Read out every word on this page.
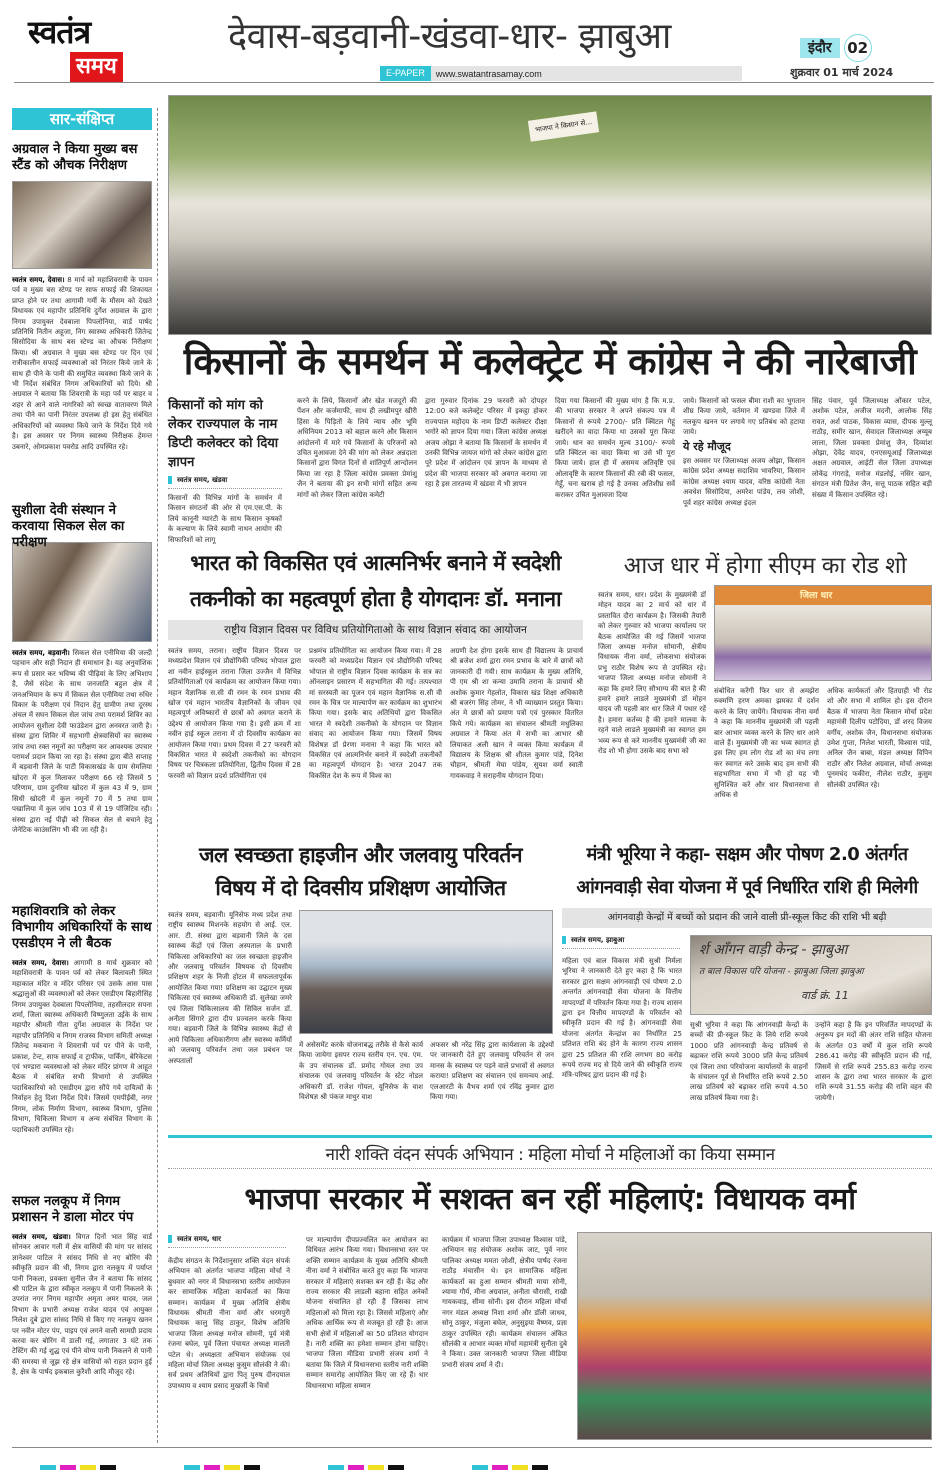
स्वतंत्र
समय
देवास-बड़वानी-खंडवा-धार- झाबुआ
E-PAPER	www.swatantrasamay.com
इंदौर	02
शुक्रवार 01 मार्च 2024
सार-संक्षिप्त
अग्रवाल ने किया मुख्य बस स्टैंड को औचक निरीक्षण
स्वतंत्र समय, देवास। 8 मार्च को महाशिवरात्री के पावन पर्व व मुख्य बस स्टेण्ड पर साफ सफाई की शिकायत प्राप्त होने पर तथा आगामी गर्मी के मौसम को देखते विधायक एवं महापौर प्रतिनिधि दुर्गेश अग्रवाल के द्वारा निगम उपायुक्त देवबाला पिपलोनिया, वार्ड पार्षद प्रतिनिधि नितीन अहूजा, निग स्वास्थ्य अधिकारी जितेन्द्र सिसोदिया के साथ बस स्टेण्ड का औचक निरीक्षण किया। श्री अग्रवाल ने मुख्य बस स्टेण्ड पर दिन एवं रात्रीकालीन सफाई व्यवस्थाओ को निरंतर किये जाने के साथ ही पीने के पानी की समुचित व्यवस्था किये जाने के भी निर्देश संबंधित निगम अधिकारियों को दिये। श्री अग्रवाल ने बताया कि शिवरात्री के महा पर्व पर बाहर व शहर से आने वाले नागरिको को स्वच्छ वातावरण मिले तथा पीने का पानी निरंतर उपलब्ध हो इस हेतु संबंधित अधिकारियों को व्यवस्था किये जाने के निर्देश दिये गये है। इस अवसर पर निगम स्वास्थ्य निरीक्षक हेमन्त उबनारे, ओमप्रकाश पवरोड आदि उपस्थित रहे।
सुशीला देवी संस्थान ने करवाया सिकल सेल का परीक्षण
स्वतंत्र समय, बड़वानी। सिकल सेल एनीमिया की जल्दी पहचान और सही निदान ही समाधान है। यह अनुवांशिक रूप से प्रसार कर भविष्य की पीढ़ियां के लिए अभिशाप है, जैसे संदेश के साथ जनजाति बहुल क्षेत्र में जनअभियान के रूप में सिकल सेल एनीमिया तथा रुधिर विकार के परीक्षण एवं निदान हेतु ग्रामीण तथा दूरस्थ अंचल में सघन सिकल सेल जांच तथा परामर्श शिविर का आयोजन सुशीला देवी फाउंडेशन द्वारा अनवरत जारी है। संस्था द्वारा शिविर में सहभागी क्षेत्रवासियों का स्वास्थ्य जांच तथा रक्त नमूनों का परीक्षण कर आवश्यक उपचार परामर्श प्रदान किया जा रहा है। संस्था द्वारा बीते सप्ताह में बड़वानी जिले के पाटी विकासखंड के ग्राम सेमलिया खोदरा में कुल मिलाकर परीक्षण 66 रहे जिसमें 5 परिणाम, ग्राम दुनरिया खोदरा में कुल 43 में 9, ग्राम सिधी खोदरी में कुल नमूनों 70 में 5 तथा ग्राम पखालिया में कुल जांच 103 में से 19 पॉजिटिव रही। संस्था द्वारा नई पीढ़ी को सिकल सेल से बचाने हेतु जेनेटिक काउंसलिंग भी की जा रही है।
महाशिवरात्रि को लेकर विभागीय अधिकारियों के साथ एसडीएम ने ली बैठक
स्वतंत्र समय, देवास। आगामी 8 मार्च शुक्रवार को महाशिवरात्री के पावन पर्व को लेकर बिलावली स्थित महाकाल मंदिर व मंदिर परिसर एवं उसके आस पास श्रद्धालुओं की व्यवस्थाओं को लेकर एसडीएम बिहारीसिंह निगम उपायुक्त देवबाला पिपलोनिया, तहसीलदार सपना शर्मा, जिला स्वास्थ्य अधिकारी विष्णुलता उईके के साथ महापौर श्रीमती गीता दुर्गेश अग्रवाल के निर्देश पर महापौर प्रतिनिधि व निगम राजस्व विभाग समिती अध्यक्ष जितेन्द्र मकवाना ने शिवरात्री पर्व पर पीने के पानी, प्रकाश, टेन्ट, साफ सफाई व ट्राफीक, पार्किंग, बेरिकेटस एवं भण्डारा व्यवस्थाओ को लेकर मंदिर प्रांगण मे आहूत बैठक मे संबंधित सभी विभागो से उपस्थित पदाधिकारियो को एसडीएम द्वारा सौंपे गये दायित्वों के निर्वाहन हेतु दिशा निर्देश दिये। जिसमे एमपीईबी, नगर निगम, लोक निर्माण विभाग, स्वास्थ्य विभाग, पुलिस विभाग, चिकित्सा विभाग व अन्य संबंधित विभाग के पदाधिकारी उपस्थित रहे।
सफल नलकूप में निगम प्रशासन ने डाला मोटर पंप
स्वतंत्र समय, खंडवा। विगत दिनों भात सिंह वार्ड सोनकर आवार गली में क्षेत्र वासियों की मांग पर सांसद ज्ञानेश्वर पाटिल ने सांसद निधि से नए बोरिंग की स्वीकृति प्रदान की थी, निगम द्वारा नलकूप में पर्याप्त पानी निकला, प्रवक्ता सुनील जैन ने बताया कि सांसद श्री पाटिल के द्वारा स्वीकृत नलकूप में पानी निकलने के उपरांत नगर निगम महापौर अमृता अमर यादव, जल विभाग के प्रभारी अध्यक्ष राजेश यादव एवं आयुक्त निलेश दुबे द्वारा सांसद निधि से किए गए नलकूप खनन पर नवीन मोटर पंप, पाइप एवं लगने वाली सामग्री प्रदाय करवा कर बोरिंग में डाली गई, लगातार 3 घंटे तक टेस्टिंग की गई शुद्ध एवं पीने योग्य पानी निकलने से पानी की समस्या से जूझ रहे क्षेत्र वासियों को राहत प्रदान हुई है, क्षेत्र के पार्षद इकबाल कुरैशी आदि मौजूद रहे।
भाजपा ने किसान से...
किसानों के समर्थन में कलेक्ट्रेट में कांग्रेस ने की नारेबाजी
किसानों को मांग को लेकर राज्यपाल के नाम डिप्टी कलेक्टर को दिया ज्ञापन
स्वतंत्र समय, खंडवा
किसानों की विभिन्न मांगों के समर्थन में किसान संगठनों की ओर से एम.एस.पी. के लिये कानूनी ग्यारंटी के साथ किसान कृषकों के कल्याण के लिये स्वामी नाथन आयोग की सिफारिशों को लागू
करने के लिये, किसानों और खेत मजदूरों की पेंशन और कर्जमाफी, साथ ही लखीमपुर खीरी हिंसा के पिड़ितों के लिये न्याय और भूमि अधिनियम 2013 को बहाल करने और किसान आंदोलनों में मारे गये किसानों के परिजनों को उचित मुआवजा देने की मांग को लेकर अन्नदाता किसानों द्वारा विगत दिनों से शांतिपूर्ण आन्दोलन किया जा रहा है जिला कांग्रेस प्रवक्ता प्रेमांशु जैन ने बताया की इन सभी मांगों सहित अन्य मांगों को लेकर जिला कांग्रेस कमेटी
द्वारा गुरुवार दिनांक 29 फरवरी को दोपहर 12:00 बजे कलेक्ट्रेट परिसर में इकट्ठा होकर राज्यपाल महोदय के नाम डिप्टी कलेक्टर दीक्षा भगोरे को ज्ञापन दिया गया। जिला कांग्रेस अध्यक्ष अजय ओझा ने बताया कि किसानों के समर्थन में उनकी विभिन्न जायज मांगो को लेकर कांग्रेस द्वारा पूरे प्रदेश में आंदोलन एवं ज्ञापन के माध्यम से प्रदेश की भाजपा सरकार को अवगत कराया जा रहा है इस तारतम्य में खंडवा में भी ज्ञापन
दिया गया किसानों की मुख्य मांग है कि म.प्र. की भाजपा सरकार ने अपने संकल्प पत्र में किसानों से रूपये 2700/- प्रति क्विंटल गेहूं खरीदने का वादा किया था उसको पूरा किया जाये। धान का समर्थन मूल्य 3100/- रूपये प्रति क्विंटल का वादा किया था उसे भी पूरा किया जाये। हाल ही में असमय अतिवृष्टि एवं ओलावृष्टि के कारण किसानों की रबी की फसल, गेहूँ, चना खराब हो गई है उनका अतिशीघ्र सर्वे कराकर उचित मुआवजा दिया
जाये। किसानों को फसल बीमा राशी का भुगतान शीघ्र किया जाये, वर्तमान में खण्डवा जिले में नलकूप खनन पर लगाये गए प्रतिबंध को हटाया जाये।
ये रहे मौजूद
इस अवसर पर जिलाध्यक्ष अजय ओझा, किसान कांग्रेस प्रदेश अध्यक्ष सदाशिव भावरिया, किसान कांग्रेस अध्यक्ष श्याम यादव, वरिष्ठ कांग्रेसी नेता अवधेश सिसोदिया, अमरेश पांडेय, लव जोशी, पूर्व शहर कांग्रेस अध्यक्ष इंदल
सिंह पंवार, पूर्व जिलाध्यक्ष ओंकार पटेल, अशोक पटेल, अजीज मदनी, आलोक सिंह रावत, अर्श पाठक, विकास व्यास, दीपक मुल्लू राठौड़, समीर खान, सेवादल जिलाध्यक्ष अय्यूब लाला, जिला प्रवक्ता प्रेमांशु जैन, दिव्यांश ओझा, देवेंद्र यादव, एनएसयूआई जिलाध्यक्ष अक्षत अग्रवाल, आईटी सेल जिला उपाध्यक्ष लोकेंद्र गंगराड़े, मनोज मंडलोई, नसिर खान, संगठन मंत्री प्रितेश जैन, सत्तू पाठक सहित बड़ी संख्या में किसान उपस्थित रहे।
भारत को विकसित एवं आत्मनिर्भर बनाने में स्वदेशी
तकनीको का महत्वपूर्ण होता है योगदानः डॉ. मनाना
राष्ट्रीय विज्ञान दिवस पर विविध प्रतियोगिताओ के साथ विज्ञान संवाद का आयोजन
स्वतंत्र समय, तराना। राष्ट्रीय विज्ञान दिवस पर मध्यप्रदेश विज्ञान एवं प्रौद्योगिकी परिषद भोपाल द्वारा शा नवीन हाईस्कूल तराना जिला उज्जैन में विभिन्न प्रतियोगिताओं एवं कार्यक्रम का आयोजन किया गया। महान वैज्ञानिक स.सी वी रमन के रमन प्रभाव की खोज एवं महान भारतीय वैज्ञानिकों के जीवन एवं महत्वपूर्ण अविष्कारों से छात्रों को अवगत कराने के उद्देश्य से आयोजन किया गया है। इसी क्रम में शा नवीन हाई स्कूल तराना में दो दिवसीय कार्यक्रम का आयोजन किया गया। प्रथम दिवस में 27 फरवरी को विकसित भारत मे स्वदेशी तकनीको का योगदान विषय पर चित्रकला प्रतियोगिता, द्वितीय दिवस में 28 फरवरी को विज्ञान प्रदर्श प्रतियोगिता एवं
प्रश्नमंच प्रतियोगिता का आयोजन किया गया। में 28 फरवरी को मध्यप्रदेश विज्ञान एवं प्रौद्योगिकी परिषद भोपाल से राष्ट्रीय विज्ञान दिवस कार्यक्रम के सत्र का ऑनलाइन प्रसारण में सहभागिता की गई। तत्पश्चात मां सरस्वती का पूजन एवं महान वैज्ञानिक स.सी वी रमन के चित्र पर माल्यार्पण कर कार्यक्रम का शुभारंभ किया गया। इसके बाद अतिथियों द्वारा विकसित भारत मे स्वदेशी तकनीको के योगदान पर विज्ञान संवाद का आयोजन किया गया। जिसमें विषय विशेषज्ञ डॉ प्रेरणा मनाना ने कहा कि भारत को विकसित एवं आत्मनिर्भर बनाने में स्वदेशी तकनीकों का महत्वपूर्ण योगदान है। भारत 2047 तक विकसित देश के रूप में विश्व का
अग्रणी देश होगा इसके साथ ही विद्यालय के प्राचार्य श्री ब्रजेश शर्मा द्वारा रमन प्रभाव के बारे में छात्रों को जानकारी दी गयी। साथ कार्यक्रम के मुख्य अतिथि, पी एम श्री शा कन्या उमावि तराना के प्राचार्य श्री अशोक कुमार गेहलोत, विकास खंड शिक्षा अधिकारी श्री बजरंग सिंह तोमर, ने भी व्याख्यान प्रस्तुत किया। अंत मे छात्रों को प्रमाण पत्रों एवं पुरस्कार वितरित किये गये। कार्यक्रम का संचालन श्रीमती मधुलिका अग्रवाल ने किया अंत मे सभी का आभार श्री लियाकत अली खान ने व्यक्त किया कार्यक्रम में विद्यालय के शिक्षक श्री शीतल कुमार पांडे, दिनेश चौहान, श्रीमती मेघा पांडेय, सुयश वर्मा स्वाती गायकवाड़ ने सराहनीय योगदान दिया।
आज धार में होगा सीएम का रोड शो
स्वतंत्र समय, धार। प्रदेश के मुख्यमंत्री डॉ मोहन यादव का 2 मार्च को धार में प्रस्तावित दौरा कार्यक्रम है। जिसकी तैयारी को लेकर गुरुवार को भाजपा कार्यालय पर बैठक आयोजित की गई जिसमें भाजपा जिला अध्यक्ष मनोज सोमानी, क्षेत्रीय विधायक नीना वर्मा, लोकसभा संयोजक प्रभु राठौर विशेष रूप से उपस्थित रहे। भाजपा जिला अध्यक्ष मनोज सोमानी ने कहा कि हमारे लिए सौभाग्य की बात है की हमारे हमारे लाडले मुख्यमंत्री डॉ मोहन यादव जी पहली बार धार जिले में पधार रहें है। हमारा कर्तव्य है की हमारे मालवा के रहने वाले लाडले मुख्यमंत्री का स्वागत हम भव्य रूप से करे माननीय मुख्यमंत्री जी का रोड शो भी होगा उसके बाद सभा को
जिला धार
संबोधित करेंगी फिर धार से अमझेरा रुक्मणि हरण अमका झमका में दर्शन करने के लिए जायेंगे। विधायक नीना वर्मा ने कहा कि माननीय मुख्यमंत्री जी पहली बार आभार व्यक्त करने के लिए धार आने वाले हैं। मुख्यमंत्री जी का भव्य स्वागत हो इस लिए हम लोग रोड शो का मंच लगा कर स्वागत करे उसके बाद हम सभी की सहभागिता सभा में भी हो यह भी सुनिश्चित करें और धार विधानसभा से अधिक से
अधिक कार्यकर्ता और हितग्राही भी रोड शो और सभा में शामिल हो। इस दौरान बैठक में भाजपा नेता किसान मोर्चा प्रदेश महामंत्री दिलीप पटोदिया, डॉ शरद विजय वर्गीय, अशोक जैन, विधानसभा संयोजक उमेश गुप्ता, निलेश भारती, विश्वास पांडे, अनिल जैन बाबा, मंडल अध्यक्ष विपिन राठौर और निलेश अग्रवाल, मोर्चा अध्यक्ष पूनमचंद फकीरा, नीलेश राठौर, कुसुम सौलंकी उपस्थित रहे।
जल स्वच्छता हाइजीन और जलवायु परिवर्तन
विषय में दो दिवसीय प्रशिक्षण आयोजित
स्वतंत्र समय, बड़वानी। यूनिसेफ मध्य प्रदेश तथा राष्ट्रीय स्वास्थ्य मिशनके सहयोग से आई. एल. आर. टी. संस्था द्वारा बड़वानी जिले के दस स्वास्थ्य केंद्रों एवं जिला अस्पताल के प्रभारी चिकित्सा अधिकारियो का जल स्वच्छता हाइजीन और जलवायु परिवर्तन विषयक दो दिवसीय प्रशिक्षण शहर के निजी होटल में सफलतापूर्वक आयोजित किया गया! प्रशिक्षण का उद्घाटन मुख्य चिकित्सा एवं स्वास्थ्य अधिकारी डॉ. सुलेखा जमरे एवं जिला चिकित्सालय की सिविल सर्जन डॉ. अनीता सिंगारे द्वारा दीप प्रज्वलन करके किया गया। बड़वानी जिले के विभिन्न स्वास्थ्य केंद्रों से आये चिकित्सा अधिकारीगण और स्वास्थ्य कर्मियों को जलवायु परिवर्तन तथा जल प्रबंधन पर अस्पतालों
में असेसमेंट करके योजनाबद्ध तरीके से कैसे कार्य किया जायेगा इसपर राज्य स्तरीय एन. एच. एम. के उप संचालक डॉ. प्रमोद गोयल तथा उप संचालक एवं जलवायु परिवर्तन के स्टेट नोडल अधिकारी डॉ. राजेश गोयल, यूनिसेफ के वाश विशेषज्ञ श्री पंकज माथुर वाश
अफसर श्री नरेंद्र सिंह द्वारा कार्यशाला के उद्देश्यों पर जानकारी देते हुए जलवायु परिवर्तन से जन मानस के स्वास्थ्य पर पड़ने वाले प्रभावों से अवगत कराया! प्रशिक्षण का संचालन एवं समन्वय आई. एलआरटी के वैभव शर्मा एवं रविंद्र कुमार द्वारा किया गया।
मंत्री भूरिया ने कहा- सक्षम और पोषण 2.0 अंतर्गत
आंगनवाड़ी सेवा योजना में पूर्व निर्धारित राशि ही मिलेगी
आंगनवाड़ी केन्द्रों में बच्चों को प्रदान की जाने वाली प्री-स्कूल किट की राशि भी बढ़ी
स्वतंत्र समय, झाबुआ
महिला एवं बाल विकास मंत्री सुश्री निर्मला भूरिया ने जानकारी देते हुए कहा है कि भारत सरकार द्वारा सक्षम आंगनवाड़ी एवं पोषण 2.0 अन्तर्गत आंगनवाड़ी सेवा योजना के वित्तीय मापदण्डों में परिवर्तन किया गया है। राज्य शासन द्वारा इन वित्तीय मापदण्डों के परिवर्तन को स्वीकृति प्रदान की गई है। आंगनवाड़ी सेवा योजना अंतर्गत केन्द्रांश का निर्धारित 25 प्रतिशत राशि बंद होने के कारण राज्य शासन द्वारा 25 प्रतिशत की राशि लगभग 80 करोड़ रूपये राज्य मद से दिये जाने की स्वीकृति राज्य मंत्रि-परिषद द्वारा प्रदान की गई है।
र्श आँगन वाड़ी केन्द्र - झाबुआ
त बाल विकास परि योजना - झाबुआ जिला झाबुआ
वार्ड क्रं. 11
सुश्री भूरिया ने कहा कि आंगनवाड़ी केन्द्रों के बच्चों की प्री-स्कूल किट के लिये राशि रूपये 1000 प्रति आंगनवाड़ी केन्द्र प्रतिवर्ष से बढ़ाकर राशि रूपये 3000 प्रति केन्द्र प्रतिवर्ष एवं जिला तथा परियोजना कार्यालयों के वाहनों के संचालन पूर्व से निर्धारित राशि रूपये 2.50 लाख प्रतिवर्ष को बढ़ाकर राशि रूपये 4.50 लाख प्रतिवर्ष किया गया है।
उन्होंने कहा है कि इन परिवर्तित मापदण्डों के अनुरूप इन मदों की अंतर राशि सहित योजना के अंतर्गत 03 वर्षों में कुल राशि रूपये 286.41 करोड़ की स्वीकृति प्रदान की गई, जिसमें से राशि रूपये 255.83 करोड़ राज्य शासन के द्वारा तथा भारत सरकार के द्वारा राशि रूपये 31.55 करोड़ की राशि वहन की जायेगी।
नारी शक्ति वंदन संपर्क अभियान : महिला मोर्चा ने महिलाओं का किया सम्मान
भाजपा सरकार में सशक्त बन रहीं महिलाएं: विधायक वर्मा
स्वतंत्र समय, धार
केंद्रीय संगठन के निर्देशानुसार शक्ति वंदन संपर्क अभियान को अंतर्गत भाजपा महिला मोर्चा ने बुधवार को नगर में विधानसभा स्तरीय आयोजन कर सामाजिक महिला कार्यकर्ता का किया सम्मान। कार्यक्रम में मुख्य अतिथि क्षेत्रीय विधायक श्रीमती नीना वर्मा और धरमपुरी विधायक कालु सिंह ठाकुर, विशेष अतिथि भाजपा जिला अध्यक्ष मनोज सोमनी, पूर्व मंत्री रंजना बघेल, पूर्व जिला पंचायत अध्यक्ष मालती पटेल थे। अध्यक्षता अभियान संयोजक एवं महिला मोर्चा जिला अध्यक्ष कुसुम सौलंकी ने की। सर्व प्रथम अतिथियों द्वारा पितृ पुरुष दीनदयाल उपाध्याय व श्याम प्रसाद मुखर्जी के चित्रों
पर माल्यार्पण दीपप्रज्वलित कर आयोजन का विधिवत आरंभ किया गया। विधानसभा स्तर पर शक्ति सम्मान कार्यक्रम के मुख्य अतिथि श्रीमती नीना वर्मा ने संबोधित करते हुए कहा कि भाजपा सरकार में महिलाएं सशक्त बन रही हैं। केंद्र और राज्य सरकार की लाडली बहाना सहित अनेकों योजना संचालित हो रही हैं जिसका लाभ महिलाओं को मिला रहा है। जिससे महिलाएं और अधिक आर्थिक रूप से मजबूत हो रही है। आज सभी क्षेत्रों में महिलाओं का 50 प्रतिशत योगदान है। नारी शक्ति का हमेशा सम्मान होना चाहिए। भाजपा जिला मीडिया प्रभारी संजय शर्मा ने बताया कि जिले में विधानसभा स्तरीय नारी शक्ति सम्मान समारोह आयोजित किए जा रहे हैं। धार विधानसभा महिला सम्मान
कार्यक्रम में भाजपा जिला उपाध्यक्ष विश्वास पांडे, अभियान सह संयोजक अशोक जाट, पूर्व नगर पालिका अध्यक्ष ममता जोशी, क्षेत्रीय पार्षद रंजना राठौड़ मंचासीन थे। इन सामाजिक महिला कार्यकर्ता का हुआ सम्मान श्रीमती माया सोनी, श्यामा गौर्य, मीना अग्रवाल, अनीता चौरासी, राखी गायकवाड़, सीमा सोनी। इस दौरान महिला मोर्चा नगर मंडल अध्यक्ष निशा शर्मा और डॉली जाधव, सोनू ठाकुर, मंजुला बघेल, अनुसुइया वैष्णव, प्रज्ञा ठाकुर उपस्थित रही। कार्यक्रम संचालन अंकित सौलंकी व आभार व्यक्त मोर्चा महामंत्री सुनीता दुबे ने किया। उक्त जानकारी भाजपा जिला मीडिया प्रभारी संजय शर्मा ने दी।
